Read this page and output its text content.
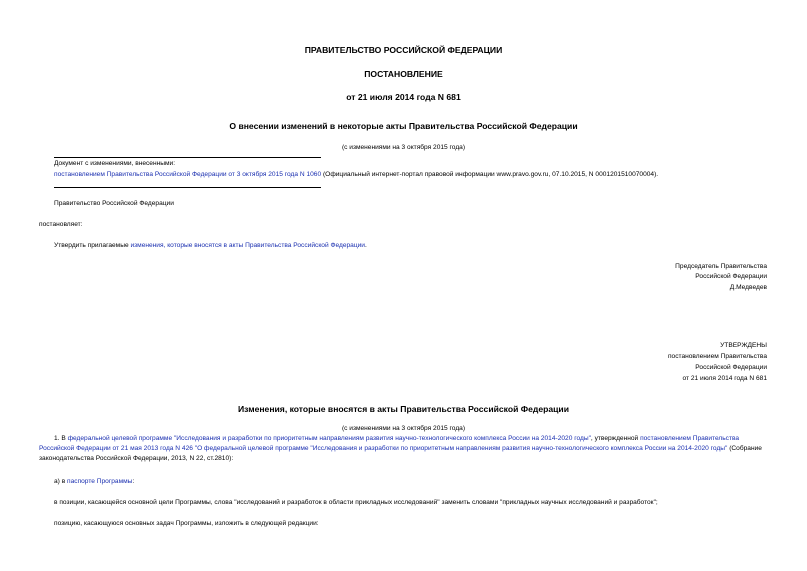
ПРАВИТЕЛЬСТВО РОССИЙСКОЙ ФЕДЕРАЦИИ
ПОСТАНОВЛЕНИЕ
от 21 июля 2014 года N 681
О внесении изменений в некоторые акты Правительства Российской Федерации
(с изменениями на 3 октября 2015 года)
Документ с изменениями, внесенными:
постановлением Правительства Российской Федерации от 3 октября 2015 года N 1060 (Официальный интернет-портал правовой информации www.pravo.gov.ru, 07.10.2015, N 0001201510070004).
Правительство Российской Федерации
постановляет:
Утвердить прилагаемые изменения, которые вносятся в акты Правительства Российской Федерации.
Председатель Правительства
Российской Федерации
Д.Медведев
УТВЕРЖДЕНЫ
постановлением Правительства
Российской Федерации
от 21 июля 2014 года N 681
Изменения, которые вносятся в акты Правительства Российской Федерации
(с изменениями на 3 октября 2015 года)
1. В федеральной целевой программе "Исследования и разработки по приоритетным направлениям развития научно-технологического комплекса России на 2014-2020 годы", утвержденной постановлением Правительства Российской Федерации от 21 мая 2013 года N 426 "О федеральной целевой программе "Исследования и разработки по приоритетным направлениям развития научно-технологического комплекса России на 2014-2020 годы" (Собрание законодательства Российской Федерации, 2013, N 22, ст.2810):
а) в паспорте Программы:
в позиции, касающейся основной цели Программы, слова "исследований и разработок в области прикладных исследований" заменить словами "прикладных научных исследований и разработок";
позицию, касающуюся основных задач Программы, изложить в следующей редакции:
